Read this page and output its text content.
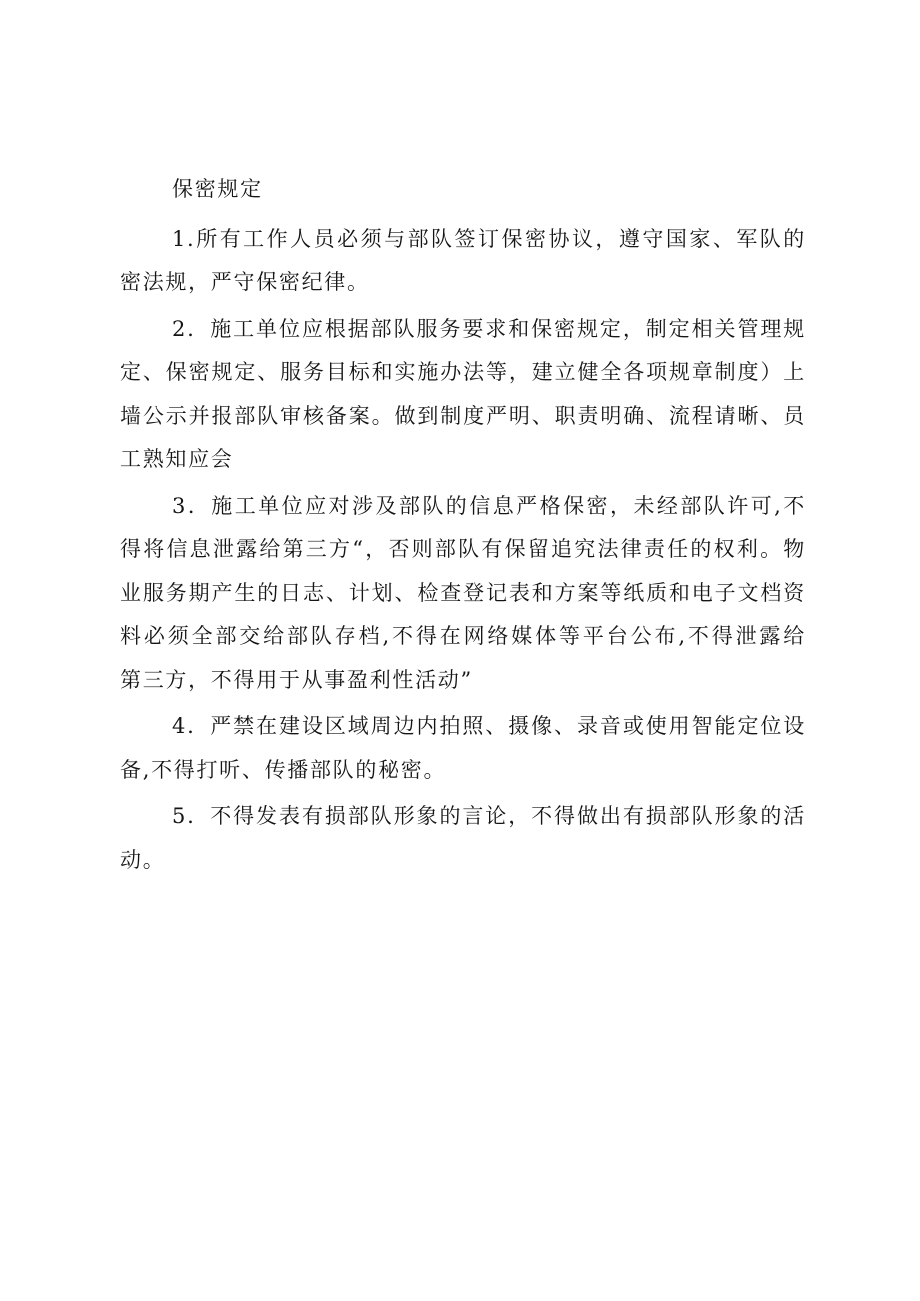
保密规定
1.所有工作人员必须与部队签订保密协议，遵守国家、军队的
密法规，严守保密纪律。
2．施工单位应根据部队服务要求和保密规定，制定相关管理规
定、保密规定、服务目标和实施办法等，建立健全各项规章制度）上
墙公示并报部队审核备案。做到制度严明、职责明确、流程请晰、员
工熟知应会
3．施工单位应对涉及部队的信息严格保密，未经部队许可,不
得将信息泄露给第三方“，否则部队有保留追究法律责任的权利。物
业服务期产生的日志、计划、检查登记表和方案等纸质和电子文档资
料必须全部交给部队存档,不得在网络媒体等平台公布,不得泄露给
第三方，不得用于从事盈利性活动”
4．严禁在建设区域周边内拍照、摄像、录音或使用智能定位设
备,不得打听、传播部队的秘密。
5．不得发表有损部队形象的言论，不得做出有损部队形象的活
动。
